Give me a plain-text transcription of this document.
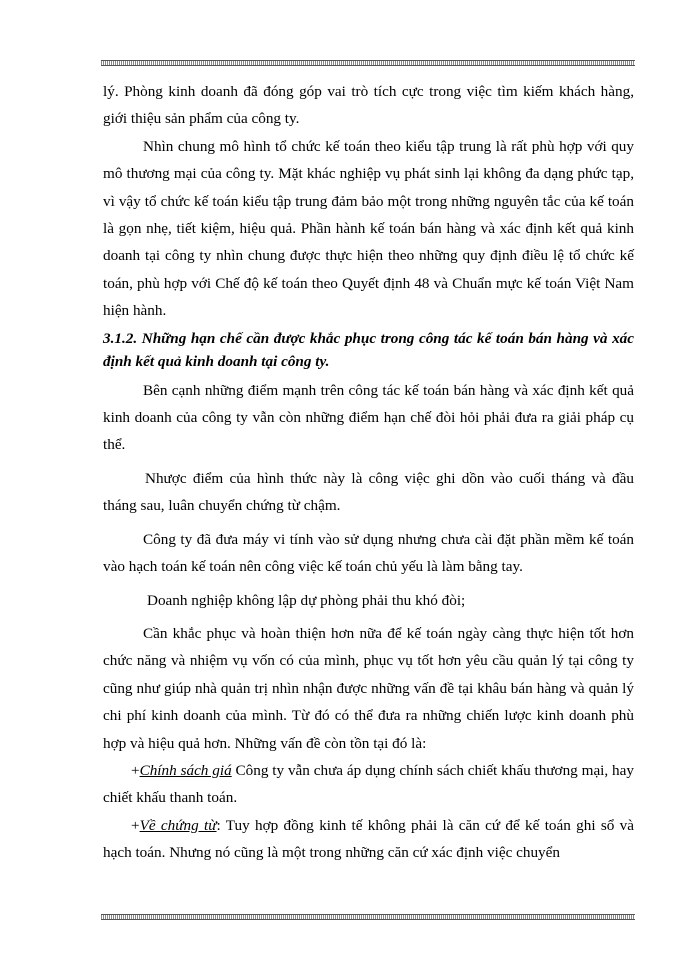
lý. Phòng kinh doanh đã đóng góp vai trò tích cực trong việc tìm kiếm khách hàng, giới thiệu sản phẩm của công ty.

Nhìn chung mô hình tổ chức kế toán theo kiểu tập trung là rất phù hợp với quy mô thương mại của công ty. Mặt khác nghiệp vụ phát sinh lại không đa dạng phức tạp, vì vậy tổ chức kế toán kiểu tập trung đảm bảo một trong những nguyên tắc của kế toán là gọn nhẹ, tiết kiệm, hiệu quả. Phần hành kế toán bán hàng và xác định kết quả kinh doanh tại công ty nhìn chung được thực hiện theo những quy định điều lệ tổ chức kế toán, phù hợp với Chế độ kế toán theo Quyết định 48 và Chuẩn mực kế toán Việt Nam hiện hành.

3.1.2. Những hạn chế cần được khắc phục trong công tác kế toán bán hàng và xác định kết quả kinh doanh tại công ty.

Bên cạnh những điểm mạnh trên công tác kế toán bán hàng và xác định kết quả kinh doanh của công ty vẫn còn những điểm hạn chế đòi hỏi phải đưa ra giải pháp cụ thể.

Nhược điểm của hình thức này là công việc ghi dồn vào cuối tháng và đầu tháng sau, luân chuyển chứng từ chậm.

Công ty đã đưa máy vi tính vào sử dụng nhưng chưa cài đặt phần mềm kế toán vào hạch toán kế toán nên công việc kế toán chủ yếu là làm bằng tay.

Doanh nghiệp không lập dự phòng phải thu khó đòi;

Cần khắc phục và hoàn thiện hơn nữa để kế toán ngày càng thực hiện tốt hơn chức năng và nhiệm vụ vốn có của mình, phục vụ tốt hơn yêu cầu quản lý tại công ty cũng như giúp nhà quản trị nhìn nhận được những vấn đề tại khâu bán hàng và quản lý chi phí kinh doanh của mình. Từ đó có thể đưa ra những chiến lược kinh doanh phù hợp và hiệu quả hơn. Những vấn đề còn tồn tại đó là:

+Chính sách giá Công ty vẫn chưa áp dụng chính sách chiết khấu thương mại, hay chiết khấu thanh toán.

+Về chứng từ: Tuy hợp đồng kinh tế không phải là căn cứ để kế toán ghi sổ và hạch toán. Nhưng nó cũng là một trong những căn cứ xác định việc chuyển
